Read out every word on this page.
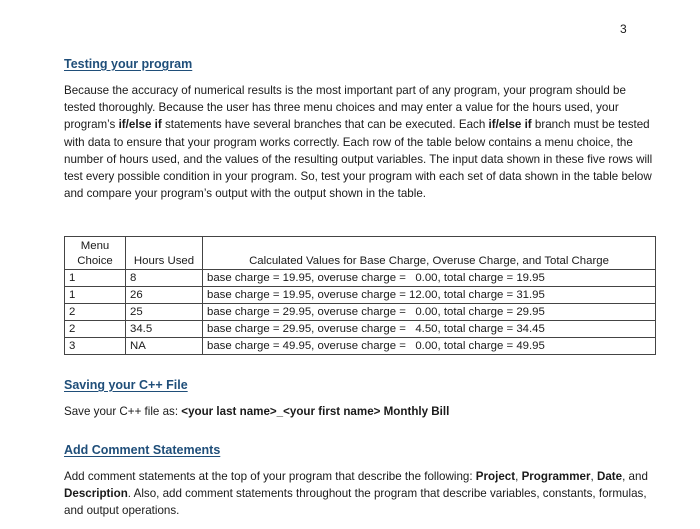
3
Testing your program
Because the accuracy of numerical results is the most important part of any program, your program should be tested thoroughly. Because the user has three menu choices and may enter a value for the hours used, your program’s if/else if statements have several branches that can be executed. Each if/else if branch must be tested with data to ensure that your program works correctly. Each row of the table below contains a menu choice, the number of hours used, and the values of the resulting output variables. The input data shown in these five rows will test every possible condition in your program. So, test your program with each set of data shown in the table below and compare your program’s output with the output shown in the table.
Menu
Choice	Hours Used	Calculated Values for Base Charge, Overuse Charge, and Total Charge
1	8	base charge = 19.95, overuse charge =   0.00, total charge = 19.95
1	26	base charge = 19.95, overuse charge = 12.00, total charge = 31.95
2	25	base charge = 29.95, overuse charge =   0.00, total charge = 29.95
2	34.5	base charge = 29.95, overuse charge =   4.50, total charge = 34.45
3	NA	base charge = 49.95, overuse charge =   0.00, total charge = 49.95
Saving your C++ File
Save your C++ file as: <your last name>_<your first name> Monthly Bill
Add Comment Statements
Add comment statements at the top of your program that describe the following: Project, Programmer, Date, and Description. Also, add comment statements throughout the program that describe variables, constants, formulas, and output operations.
